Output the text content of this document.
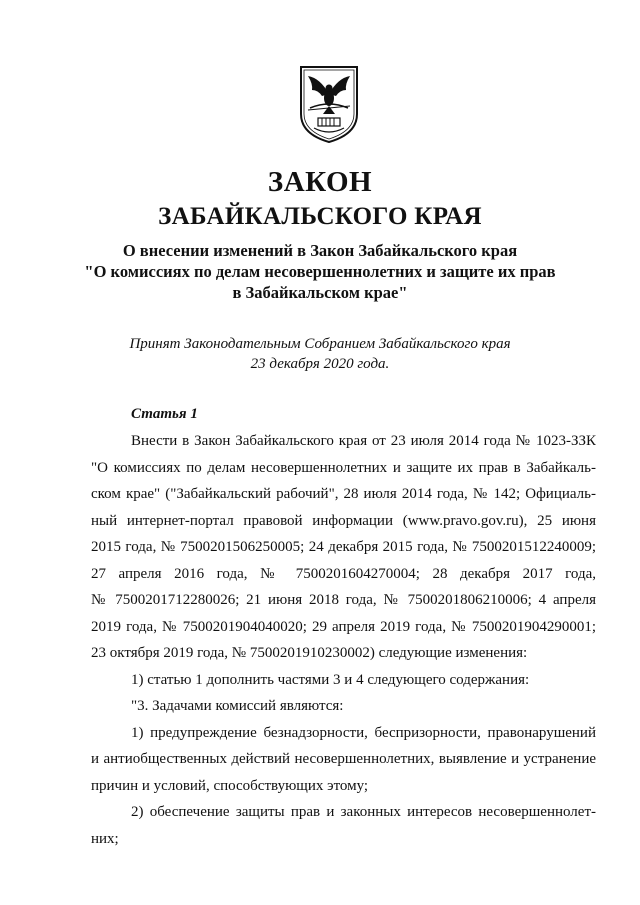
ЗАКОН
ЗАБАЙКАЛЬСКОГО КРАЯ
О внесении изменений в Закон Забайкальского края
"О комиссиях по делам несовершеннолетних и защите их прав
в Забайкальском крае"
Принят Законодательным Собранием Забайкальского края
23 декабря 2020 года.
Статья 1
Внести в Закон Забайкальского края от 23 июля 2014 года № 1023-ЗЗК
"О комиссиях по делам несовершеннолетних и защите их прав в Забайкаль-
ском крае" ("Забайкальский рабочий", 28 июля 2014 года, № 142; Официаль-
ный интернет-портал правовой информации (www.pravo.gov.ru), 25 июня
2015 года, № 7500201506250005; 24 декабря 2015 года, № 7500201512240009;
27 апреля 2016 года, № 7500201604270004; 28 декабря 2017 года,
№ 7500201712280026; 21 июня 2018 года, № 7500201806210006; 4 апреля
2019 года, № 7500201904040020; 29 апреля 2019 года, № 7500201904290001;
23 октября 2019 года, № 7500201910230002) следующие изменения:
1) статью 1 дополнить частями 3 и 4 следующего содержания:
"3. Задачами комиссий являются:
1) предупреждение безнадзорности, беспризорности, правонарушений
и антиобщественных действий несовершеннолетних, выявление и устранение
причин и условий, способствующих этому;
2) обеспечение защиты прав и законных интересов несовершеннолет-
них;
